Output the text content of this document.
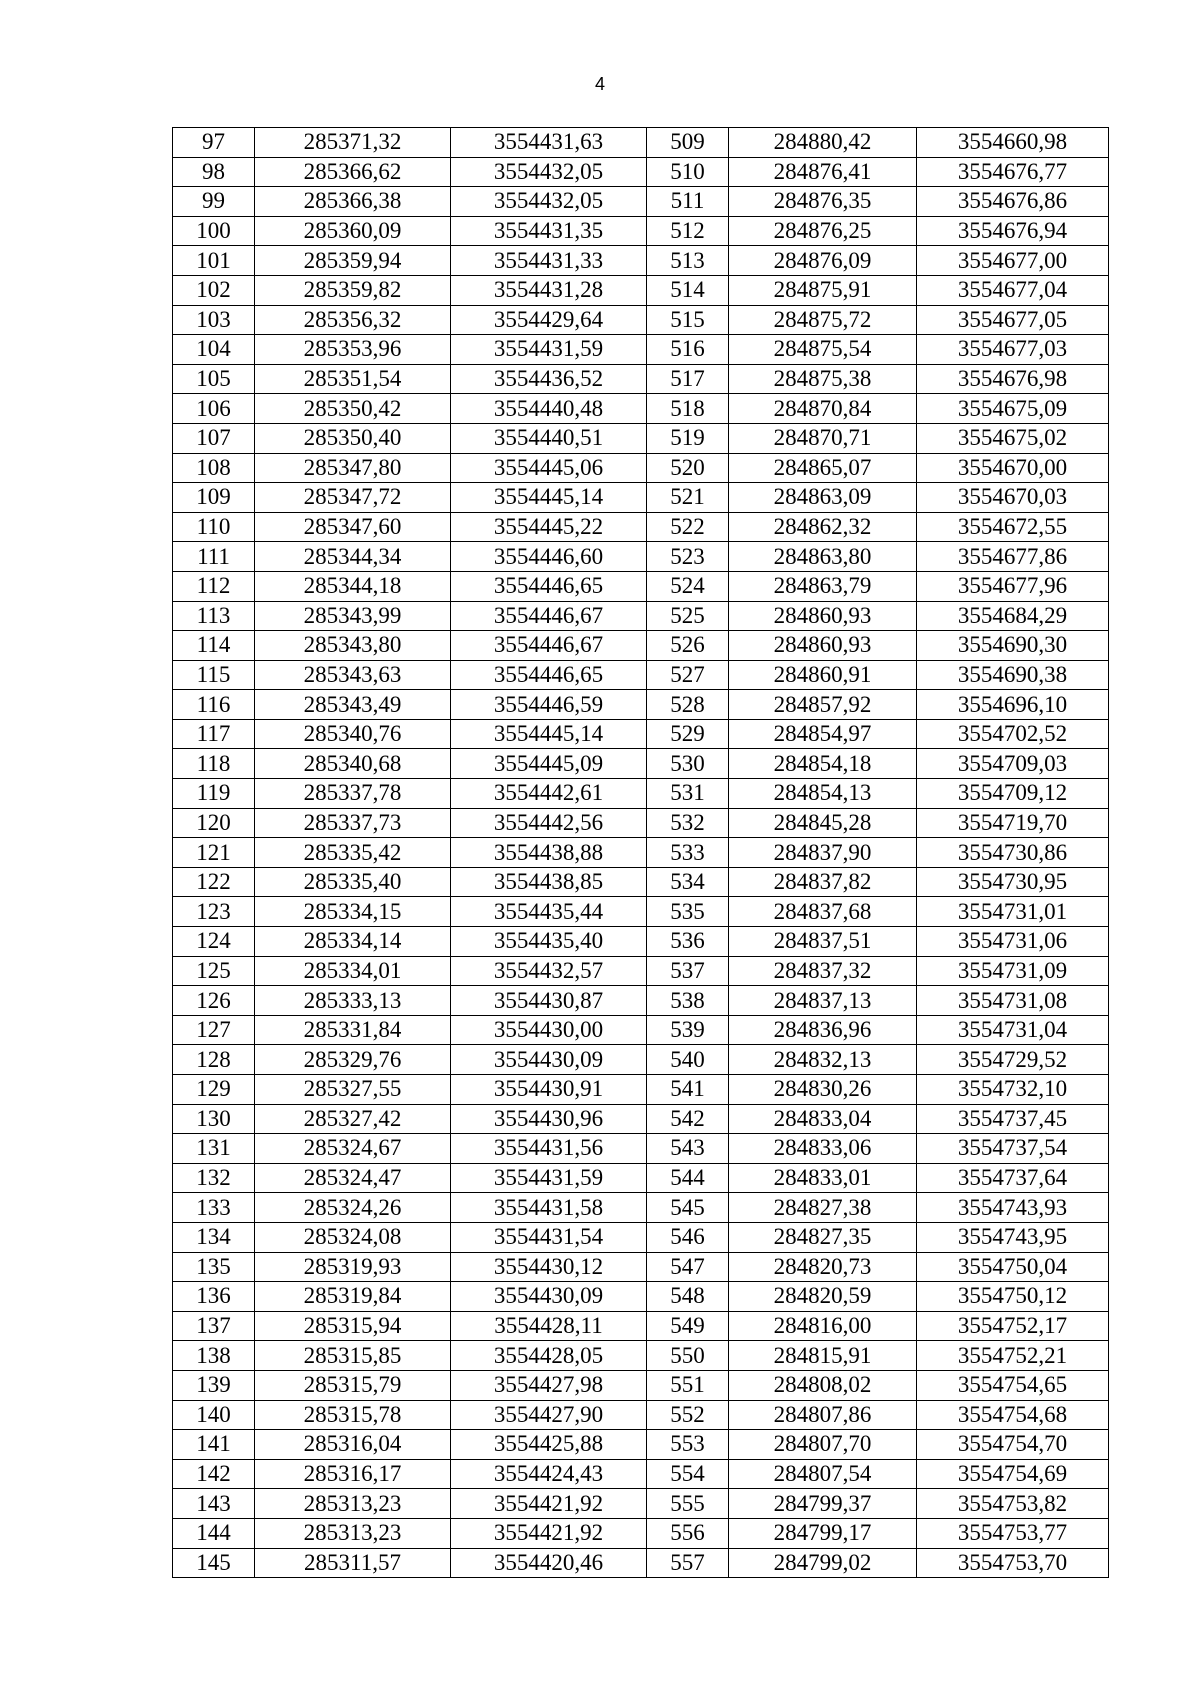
4
97	285371,32	3554431,63	509	284880,42	3554660,98
98	285366,62	3554432,05	510	284876,41	3554676,77
99	285366,38	3554432,05	511	284876,35	3554676,86
100	285360,09	3554431,35	512	284876,25	3554676,94
101	285359,94	3554431,33	513	284876,09	3554677,00
102	285359,82	3554431,28	514	284875,91	3554677,04
103	285356,32	3554429,64	515	284875,72	3554677,05
104	285353,96	3554431,59	516	284875,54	3554677,03
105	285351,54	3554436,52	517	284875,38	3554676,98
106	285350,42	3554440,48	518	284870,84	3554675,09
107	285350,40	3554440,51	519	284870,71	3554675,02
108	285347,80	3554445,06	520	284865,07	3554670,00
109	285347,72	3554445,14	521	284863,09	3554670,03
110	285347,60	3554445,22	522	284862,32	3554672,55
111	285344,34	3554446,60	523	284863,80	3554677,86
112	285344,18	3554446,65	524	284863,79	3554677,96
113	285343,99	3554446,67	525	284860,93	3554684,29
114	285343,80	3554446,67	526	284860,93	3554690,30
115	285343,63	3554446,65	527	284860,91	3554690,38
116	285343,49	3554446,59	528	284857,92	3554696,10
117	285340,76	3554445,14	529	284854,97	3554702,52
118	285340,68	3554445,09	530	284854,18	3554709,03
119	285337,78	3554442,61	531	284854,13	3554709,12
120	285337,73	3554442,56	532	284845,28	3554719,70
121	285335,42	3554438,88	533	284837,90	3554730,86
122	285335,40	3554438,85	534	284837,82	3554730,95
123	285334,15	3554435,44	535	284837,68	3554731,01
124	285334,14	3554435,40	536	284837,51	3554731,06
125	285334,01	3554432,57	537	284837,32	3554731,09
126	285333,13	3554430,87	538	284837,13	3554731,08
127	285331,84	3554430,00	539	284836,96	3554731,04
128	285329,76	3554430,09	540	284832,13	3554729,52
129	285327,55	3554430,91	541	284830,26	3554732,10
130	285327,42	3554430,96	542	284833,04	3554737,45
131	285324,67	3554431,56	543	284833,06	3554737,54
132	285324,47	3554431,59	544	284833,01	3554737,64
133	285324,26	3554431,58	545	284827,38	3554743,93
134	285324,08	3554431,54	546	284827,35	3554743,95
135	285319,93	3554430,12	547	284820,73	3554750,04
136	285319,84	3554430,09	548	284820,59	3554750,12
137	285315,94	3554428,11	549	284816,00	3554752,17
138	285315,85	3554428,05	550	284815,91	3554752,21
139	285315,79	3554427,98	551	284808,02	3554754,65
140	285315,78	3554427,90	552	284807,86	3554754,68
141	285316,04	3554425,88	553	284807,70	3554754,70
142	285316,17	3554424,43	554	284807,54	3554754,69
143	285313,23	3554421,92	555	284799,37	3554753,82
144	285313,23	3554421,92	556	284799,17	3554753,77
145	285311,57	3554420,46	557	284799,02	3554753,70
